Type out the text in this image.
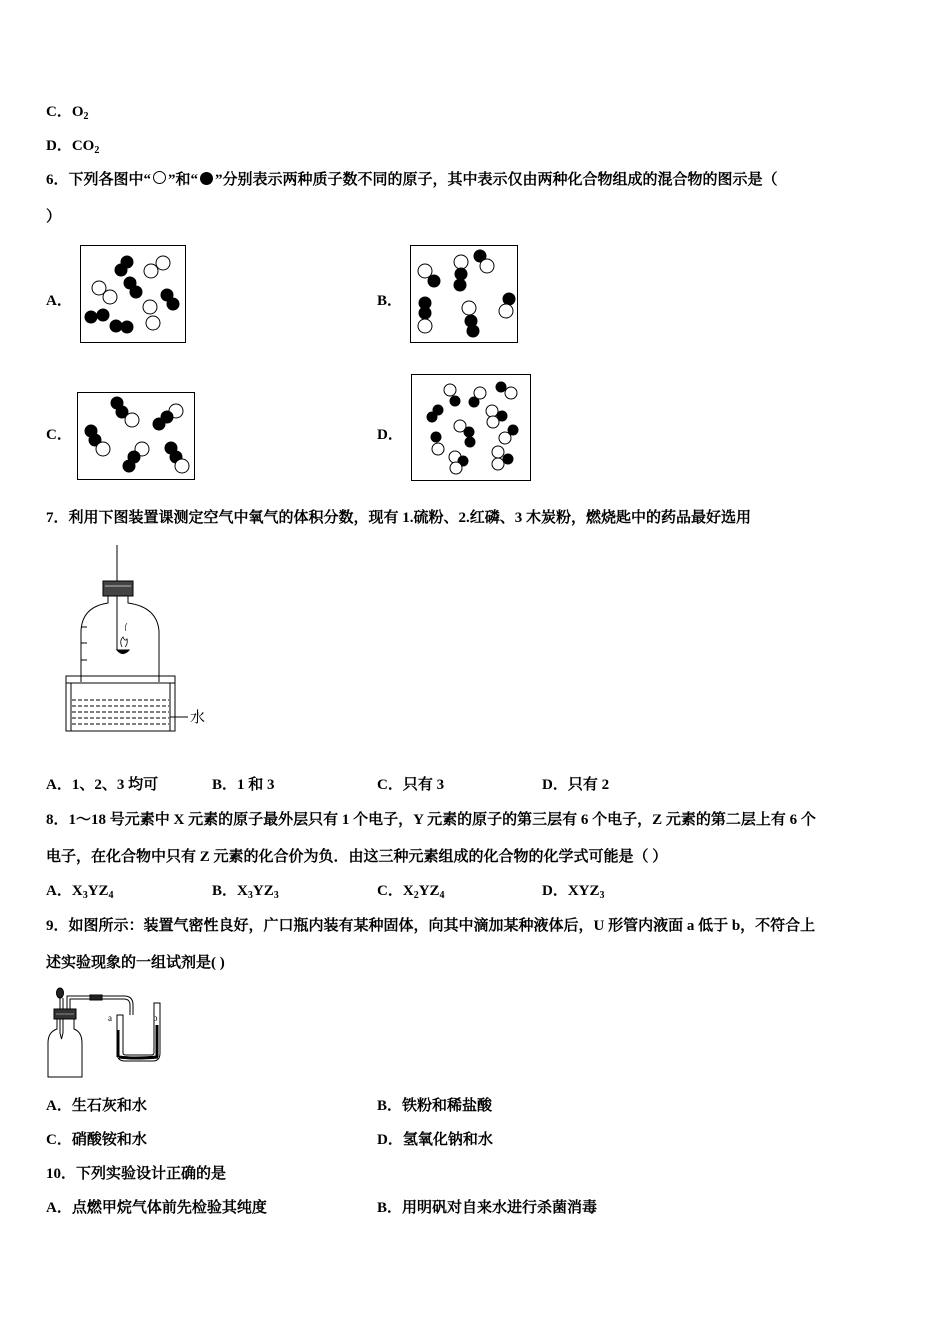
C．$O_2$
D．$CO_2$
6．下列各图中“ ”和“ ”分别表示两种质子数不同的原子，其中表示仅由两种化合物组成的混合物的图示是（
）
A．	B．
C．	D．
7．利用下图装置课测定空气中氧气的体积分数，现有 1.硫粉、2.红磷、3 木炭粉，燃烧匙中的药品最好选用
水
A．1、2、3 均可	B．1 和 3	C．只有 3	D．只有 2
8．1～18 号元素中 X 元素的原子最外层只有 1 个电子，Y 元素的原子的第三层有 6 个电子，Z 元素的第二层上有 6 个
电子，在化合物中只有 Z 元素的化合价为负．由这三种元素组成的化合物的化学式可能是（ ）
A．$X_3YZ_4$	B．$X_3YZ_3$	C．$X_2YZ_4$	D．$XYZ_3$
9．如图所示：装置气密性良好，广口瓶内装有某种固体，向其中滴加某种液体后，U 形管内液面 a 低于 b，不符合上
述实验现象的一组试剂是( )
a	b
A．生石灰和水	B．铁粉和稀盐酸
C．硝酸铵和水	D．氢氧化钠和水
10．下列实验设计正确的是
A．点燃甲烷气体前先检验其纯度	B．用明矾对自来水进行杀菌消毒
